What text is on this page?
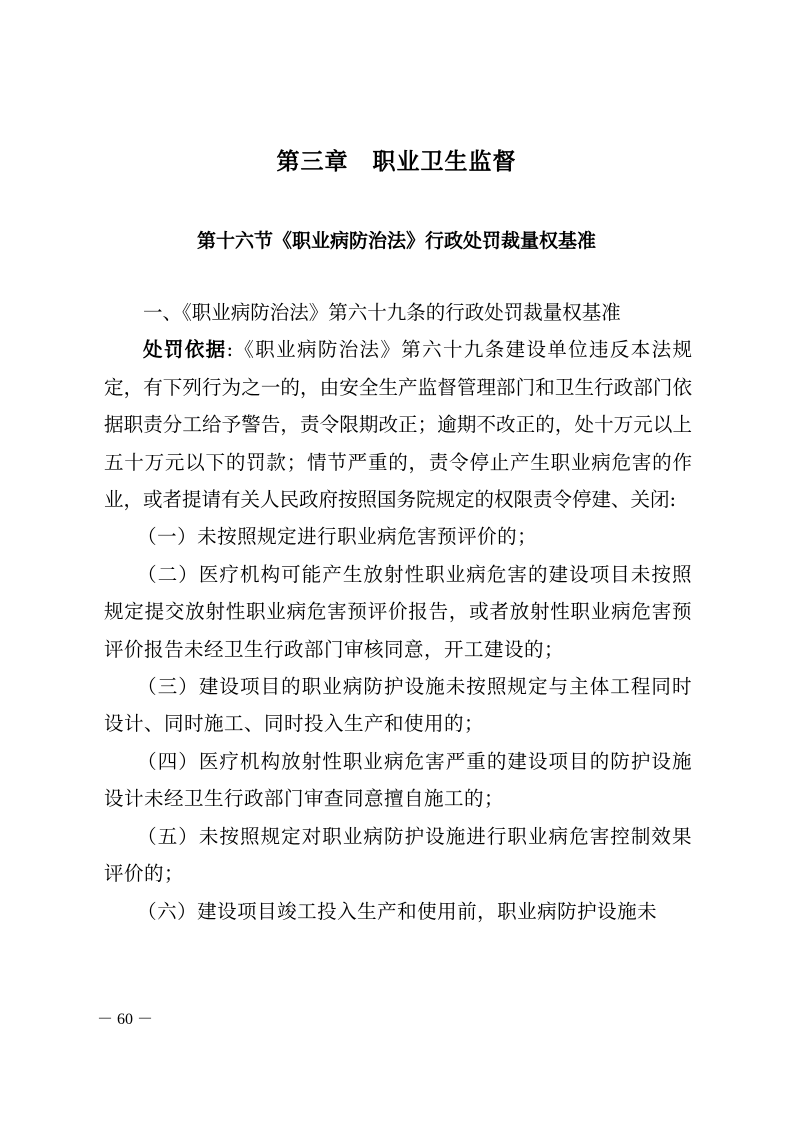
第三章　职业卫生监督
第十六节《职业病防治法》行政处罚裁量权基准

一、《职业病防治法》第六十九条的行政处罚裁量权基准

处罚依据:《职业病防治法》第六十九条建设单位违反本法规定，有下列行为之一的，由安全生产监督管理部门和卫生行政部门依据职责分工给予警告，责令限期改正；逾期不改正的，处十万元以上五十万元以下的罚款；情节严重的，责令停止产生职业病危害的作业，或者提请有关人民政府按照国务院规定的权限责令停建、关闭:

（一）未按照规定进行职业病危害预评价的；

（二）医疗机构可能产生放射性职业病危害的建设项目未按照规定提交放射性职业病危害预评价报告，或者放射性职业病危害预评价报告未经卫生行政部门审核同意，开工建设的；

（三）建设项目的职业病防护设施未按照规定与主体工程同时设计、同时施工、同时投入生产和使用的；

（四）医疗机构放射性职业病危害严重的建设项目的防护设施设计未经卫生行政部门审查同意擅自施工的；

（五）未按照规定对职业病防护设施进行职业病危害控制效果评价的；

（六）建设项目竣工投入生产和使用前，职业病防护设施未

－ 60 －
